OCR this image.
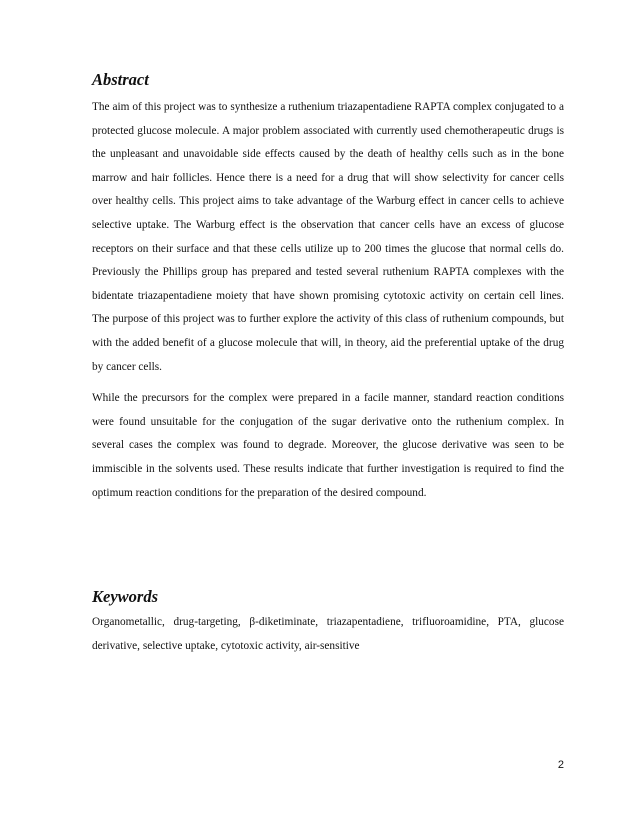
Abstract

The aim of this project was to synthesize a ruthenium triazapentadiene RAPTA complex conjugated to a protected glucose molecule. A major problem associated with currently used chemotherapeutic drugs is the unpleasant and unavoidable side effects caused by the death of healthy cells such as in the bone marrow and hair follicles. Hence there is a need for a drug that will show selectivity for cancer cells over healthy cells. This project aims to take advantage of the Warburg effect in cancer cells to achieve selective uptake. The Warburg effect is the observation that cancer cells have an excess of glucose receptors on their surface and that these cells utilize up to 200 times the glucose that normal cells do. Previously the Phillips group has prepared and tested several ruthenium RAPTA complexes with the bidentate triazapentadiene moiety that have shown promising cytotoxic activity on certain cell lines. The purpose of this project was to further explore the activity of this class of ruthenium compounds, but with the added benefit of a glucose molecule that will, in theory, aid the preferential uptake of the drug by cancer cells.

While the precursors for the complex were prepared in a facile manner, standard reaction conditions were found unsuitable for the conjugation of the sugar derivative onto the ruthenium complex. In several cases the complex was found to degrade. Moreover, the glucose derivative was seen to be immiscible in the solvents used. These results indicate that further investigation is required to find the optimum reaction conditions for the preparation of the desired compound.

Keywords

Organometallic, drug-targeting, β-diketiminate, triazapentadiene, trifluoroamidine, PTA, glucose derivative, selective uptake, cytotoxic activity, air-sensitive

2
